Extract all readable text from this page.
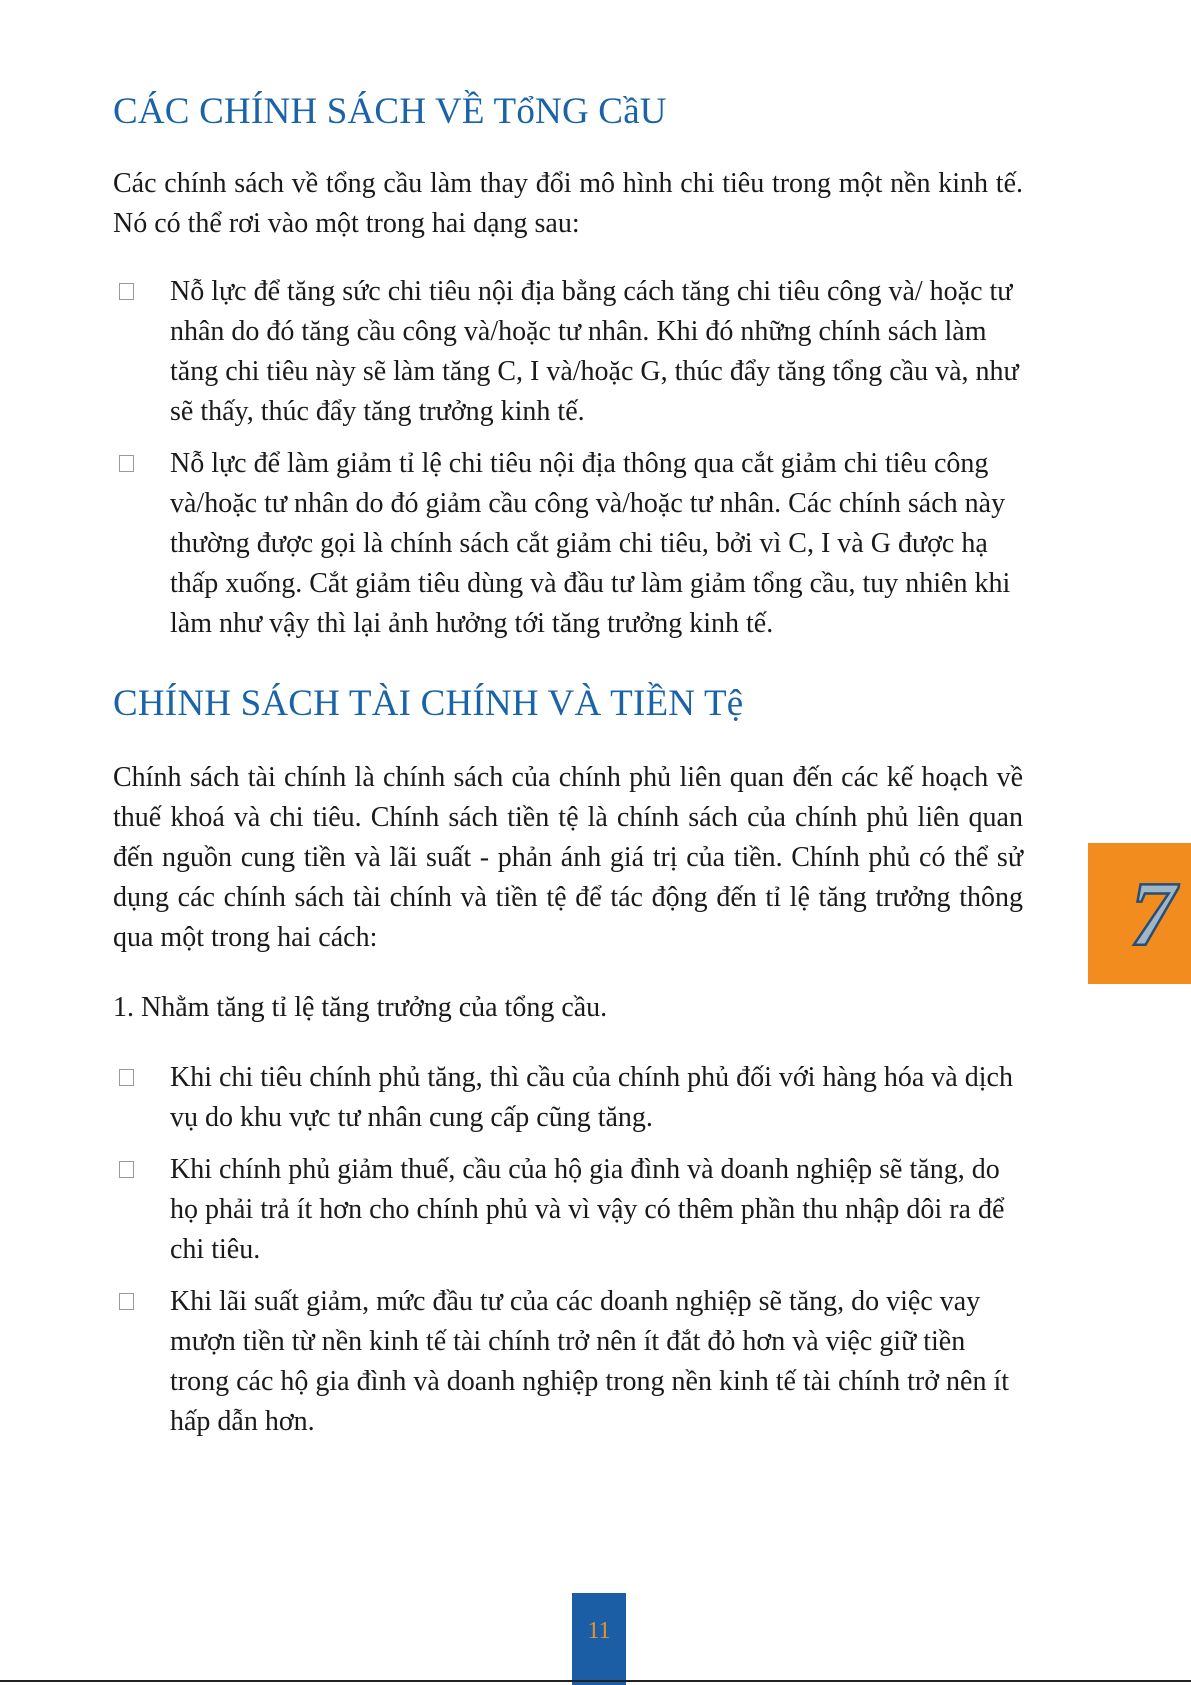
CÁC CHÍNH SÁCH VỀ TổNG CầU

Các chính sách về tổng cầu làm thay đổi mô hình chi tiêu trong một nền kinh tế. Nó có thể rơi vào một trong hai dạng sau:

Nỗ lực để tăng sức chi tiêu nội địa bằng cách tăng chi tiêu công và/ hoặc tư nhân do đó tăng cầu công và/hoặc tư nhân. Khi đó những chính sách làm tăng chi tiêu này sẽ làm tăng C, I và/hoặc G, thúc đẩy tăng tổng cầu và, như sẽ thấy, thúc đẩy tăng trưởng kinh tế.
Nỗ lực để làm giảm tỉ lệ chi tiêu nội địa thông qua cắt giảm chi tiêu công và/hoặc tư nhân do đó giảm cầu công và/hoặc tư nhân. Các chính sách này thường được gọi là chính sách cắt giảm chi tiêu, bởi vì C, I và G được hạ thấp xuống. Cắt giảm tiêu dùng và đầu tư làm giảm tổng cầu, tuy nhiên khi làm như vậy thì lại ảnh hưởng tới tăng trưởng kinh tế.
CHÍNH SÁCH TÀI CHÍNH VÀ TIỀN Tệ

Chính sách tài chính là chính sách của chính phủ liên quan đến các kế hoạch về thuế khoá và chi tiêu. Chính sách tiền tệ là chính sách của chính phủ liên quan đến nguồn cung tiền và lãi suất - phản ánh giá trị của tiền. Chính phủ có thể sử dụng các chính sách tài chính và tiền tệ để tác động đến tỉ lệ tăng trưởng thông qua một trong hai cách:

1. Nhằm tăng tỉ lệ tăng trưởng của tổng cầu.

Khi chi tiêu chính phủ tăng, thì cầu của chính phủ đối với hàng hóa và dịch vụ do khu vực tư nhân cung cấp cũng tăng.
Khi chính phủ giảm thuế, cầu của hộ gia đình và doanh nghiệp sẽ tăng, do họ phải trả ít hơn cho chính phủ và vì vậy có thêm phần thu nhập dôi ra để chi tiêu.
Khi lãi suất giảm, mức đầu tư của các doanh nghiệp sẽ tăng, do việc vay mượn tiền từ nền kinh tế tài chính trở nên ít đắt đỏ hơn và việc giữ tiền trong các hộ gia đình và doanh nghiệp trong nền kinh tế tài chính trở nên ít hấp dẫn hơn.
7
11
